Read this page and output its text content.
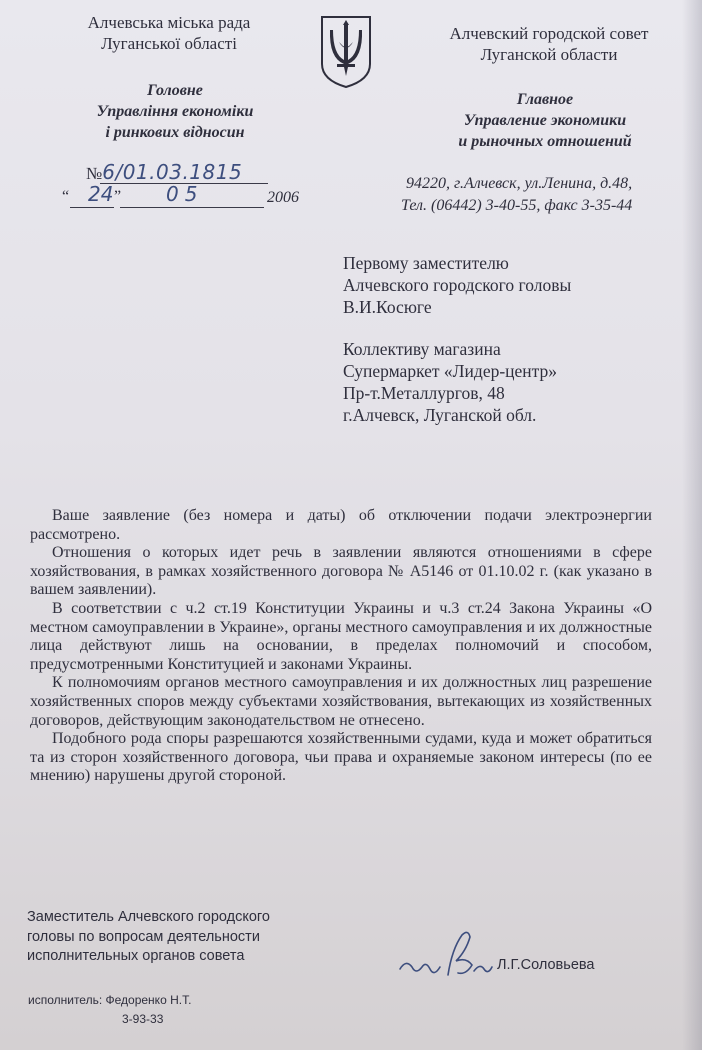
Алчевська міська рада
Луганської області
Алчевский городской совет
Луганской области
Головне
Управління економіки
і ринкових відносин
Главное
Управление экономики
и рыночных отношений
№6/01.03.1815
“ 24 ” 05	2006
94220, г.Алчевск, ул.Ленина, д.48,
Тел. (06442) 3-40-55, факс 3-35-44
Первому заместителю
Алчевского городского головы
В.И.Косюге
Коллективу магазина
Супермаркет «Лидер-центр»
Пр-т.Металлургов, 48
г.Алчевск, Луганской обл.

Ваше заявление (без номера и даты) об отключении подачи электроэнергии рассмотрено.

Отношения о которых идет речь в заявлении являются отношениями в сфере хозяйствования, в рамках хозяйственного договора № А5146 от 01.10.02 г. (как указано в вашем заявлении).

В соответствии с ч.2 ст.19 Конституции Украины и ч.3 ст.24 Закона Украины «О местном самоуправлении в Украине», органы местного самоуправления и их должностные лица действуют лишь на основании, в пределах полномочий и способом, предусмотренными Конституцией и законами Украины.

К полномочиям органов местного самоуправления и их должностных лиц разрешение хозяйственных споров между субъектами хозяйствования, вытекающих из хозяйственных договоров, действующим законодательством не отнесено.

Подобного рода споры разрешаются хозяйственными судами, куда и может обратиться та из сторон хозяйственного договора, чьи права и охраняемые законом интересы (по ее мнению) нарушены другой стороной.

Заместитель Алчевского городского
головы по вопросам деятельности
исполнительных органов совета
Л.Г.Соловьева
исполнитель: Федоренко Н.Т.
3-93-33
